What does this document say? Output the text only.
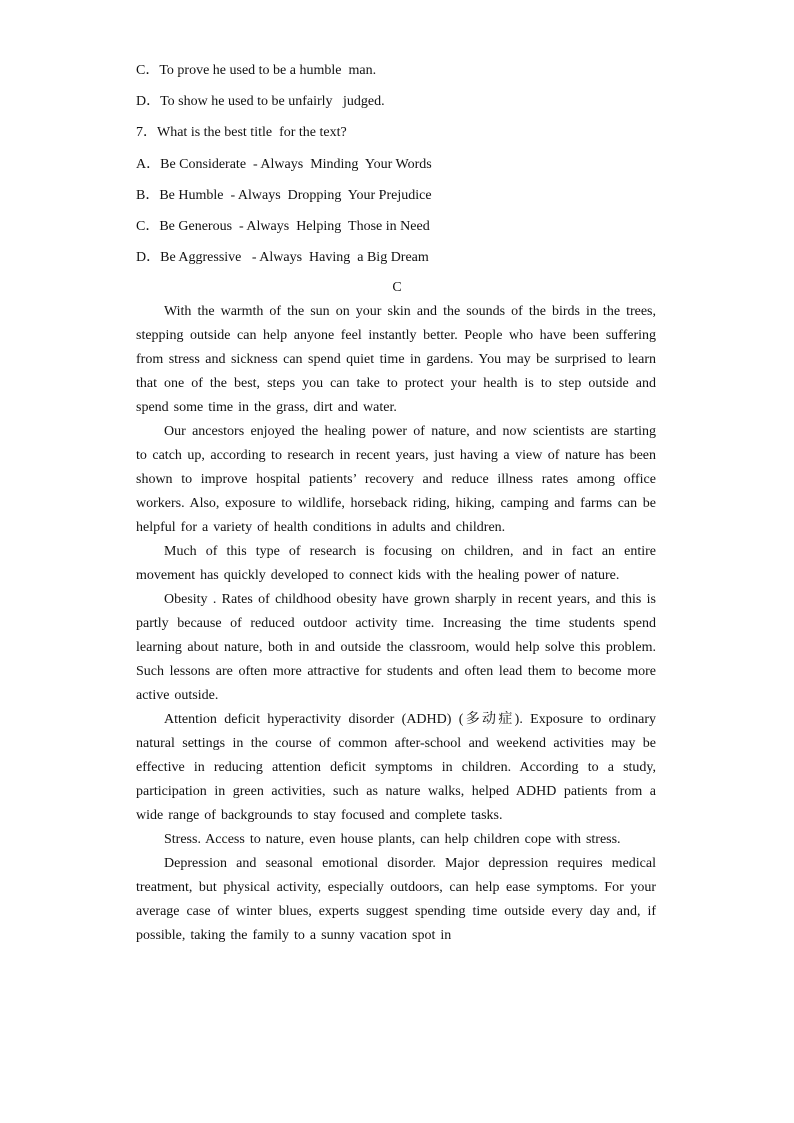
C．To prove he used to be a humble  man.
D．To show he used to be unfairly   judged.
7．What is the best title  for the text?
A．Be Considerate  - Always  Minding  Your Words
B．Be Humble  - Always  Dropping  Your Prejudice
C．Be Generous  - Always  Helping  Those in Need
D．Be Aggressive   - Always  Having  a Big Dream
C

With the warmth of the sun on your skin and the sounds of the birds in the trees, stepping outside can help anyone feel instantly better. People who have been suffering from stress and sickness can spend quiet time in gardens. You may be surprised to learn that one of the best, steps you can take to protect your health is to step outside and spend some time in the grass, dirt and water.

Our ancestors enjoyed the healing power of nature, and now scientists are starting to catch up, according to research in recent years, just having a view of nature has been shown to improve hospital patients’ recovery and reduce illness rates among office workers. Also, exposure to wildlife, horseback riding, hiking, camping and farms can be helpful for a variety of health conditions in adults and children.

Much of this type of research is focusing on children, and in fact an entire movement has quickly developed to connect kids with the healing power of nature.

Obesity . Rates of childhood obesity have grown sharply in recent years, and this is partly because of reduced outdoor activity time. Increasing the time students spend learning about nature, both in and outside the classroom, would help solve this problem. Such lessons are often more attractive for students and often lead them to become more active outside.

Attention deficit hyperactivity disorder (ADHD) (多动症). Exposure to ordinary natural settings in the course of common after-school and weekend activities may be effective in reducing attention deficit symptoms in children. According to a study, participation in green activities, such as nature walks, helped ADHD patients from a wide range of backgrounds to stay focused and complete tasks.

Stress. Access to nature, even house plants, can help children cope with stress.

Depression and seasonal emotional disorder. Major depression requires medical treatment, but physical activity, especially outdoors, can help ease symptoms. For your average case of winter blues, experts suggest spending time outside every day and, if possible, taking the family to a sunny vacation spot in
